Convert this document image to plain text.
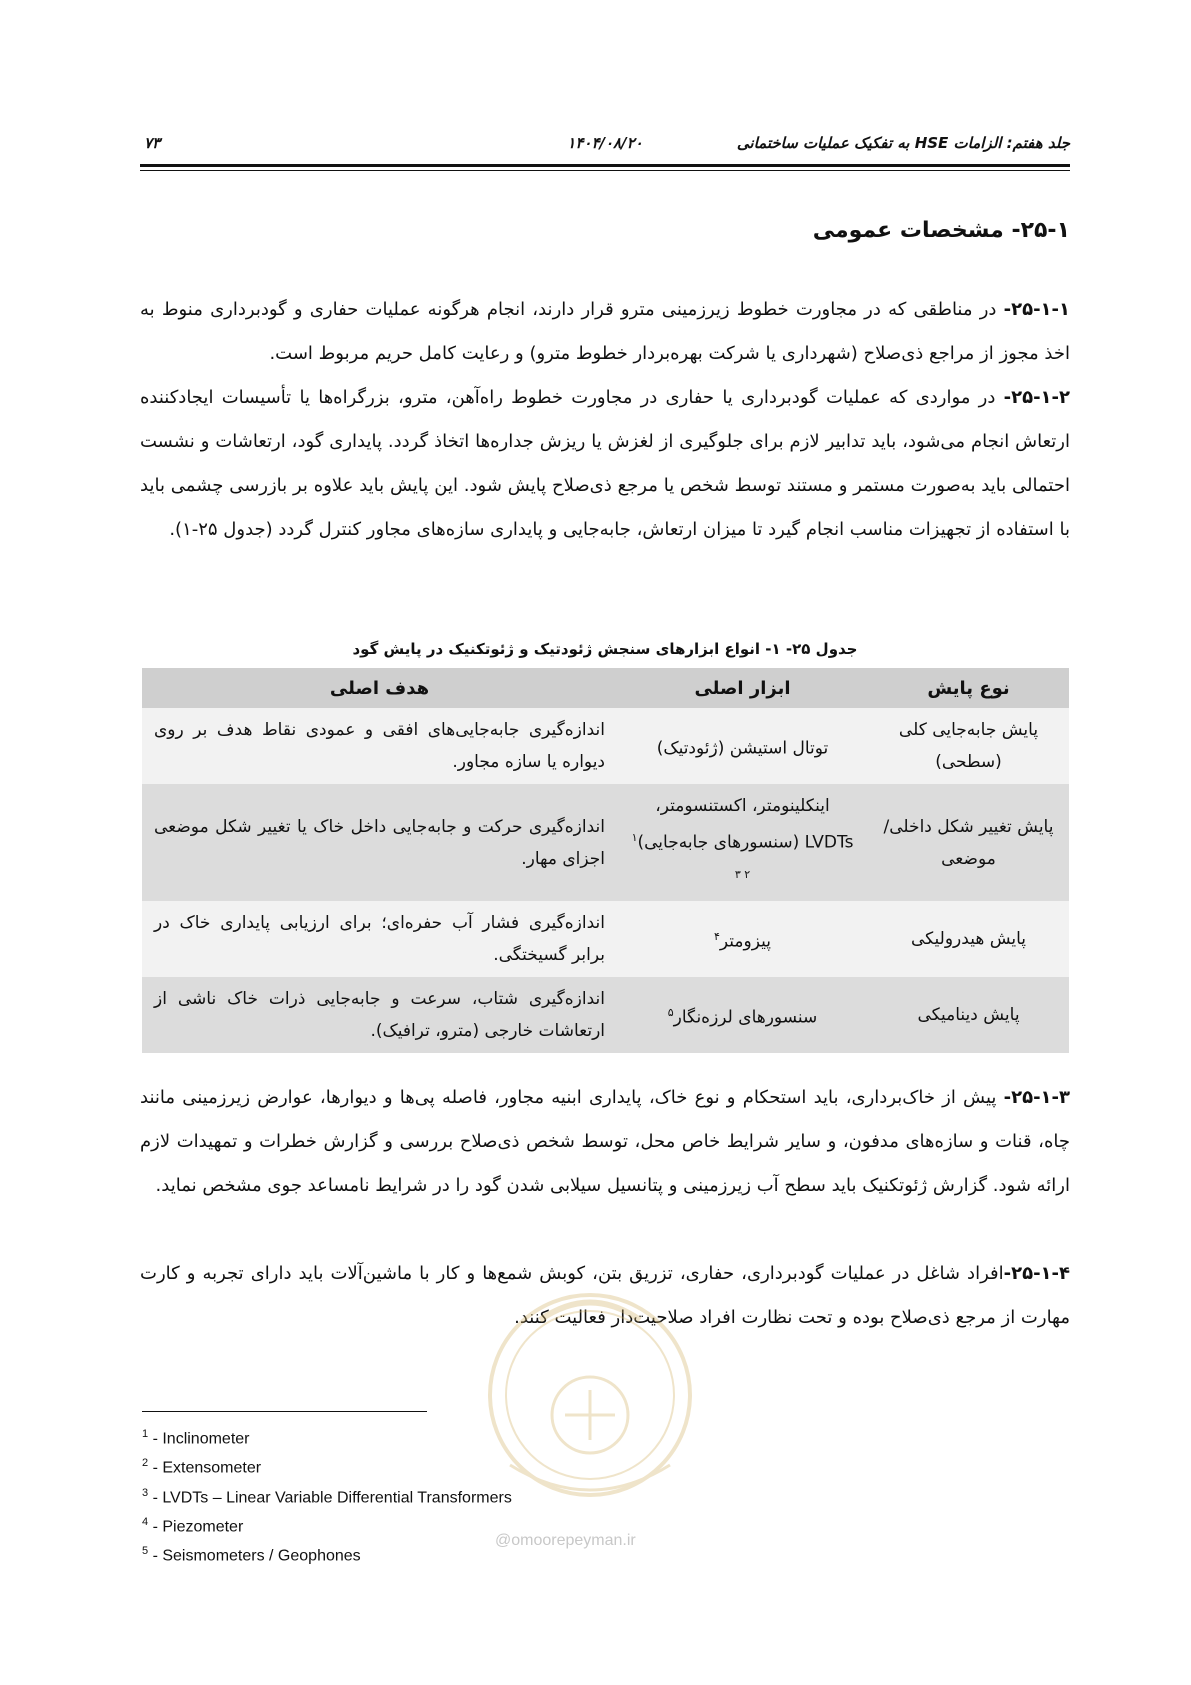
جلد هفتم: الزامات HSE به تفکیک عملیات ساختمانی
۱۴۰۴/۰۸/۲۰
۷۳
۲۵-۱- مشخصات عمومی
۲۵-۱-۱- در مناطقی که در مجاورت خطوط زیرزمینی مترو قرار دارند، انجام هرگونه عملیات حفاری و گودبرداری منوط به اخذ مجوز از مراجع ذی‌صلاح (شهرداری یا شرکت بهره‌بردار خطوط مترو) و رعایت کامل حریم مربوط است.
۲۵-۱-۲- در مواردی که عملیات گودبرداری یا حفاری در مجاورت خطوط راه‌آهن، مترو، بزرگراه‌ها یا تأسیسات ایجادکننده ارتعاش انجام می‌شود، باید تدابیر لازم برای جلوگیری از لغزش یا ریزش جداره‌ها اتخاذ گردد. پایداری گود، ارتعاشات و نشست احتمالی باید به‌صورت مستمر و مستند توسط شخص یا مرجع ذی‌صلاح پایش شود. این پایش باید علاوه بر بازرسی چشمی باید با استفاده از تجهیزات مناسب انجام گیرد تا میزان ارتعاش، جابه‌جایی و پایداری سازه‌های مجاور کنترل گردد (جدول ۲۵-۱).
جدول ۲۵- ۱- انواع ابزارهای سنجش ژئودتیک و ژئوتکنیک در پایش گود
نوع پایش	ابزار اصلی	هدف اصلی
پایش جابه‌جایی کلی (سطحی)	توتال استیشن (ژئودتیک)	اندازه‌گیری جابه‌جایی‌های افقی و عمودی نقاط هدف بر روی دیواره یا سازه مجاور.
پایش تغییر شکل داخلی/موضعی	اینکلینومتر، اکستنسومتر، LVDTs (سنسورهای جابه‌جایی)$^{۱ ۲ ۳}$	اندازه‌گیری حرکت و جابه‌جایی داخل خاک یا تغییر شکل موضعی اجزای مهار.
پایش هیدرولیکی	پیزومتر$^۴$	اندازه‌گیری فشار آب حفره‌ای؛ برای ارزیابی پایداری خاک در برابر گسیختگی.
پایش دینامیکی	سنسورهای لرزه‌نگار$^۵$	اندازه‌گیری شتاب، سرعت و جابه‌جایی ذرات خاک ناشی از ارتعاشات خارجی (مترو، ترافیک).
۲۵-۱-۳- پیش از خاک‌برداری، باید استحکام و نوع خاک، پایداری ابنیه مجاور، فاصله پی‌ها و دیوارها، عوارض زیرزمینی مانند چاه، قنات و سازه‌های مدفون، و سایر شرایط خاص محل، توسط شخص ذی‌صلاح بررسی و گزارش خطرات و تمهیدات لازم ارائه شود. گزارش ژئوتکنیک باید سطح آب زیرزمینی و پتانسیل سیلابی شدن گود را در شرایط نامساعد جوی مشخص نماید.
۲۵-۱-۴-افراد شاغل در عملیات گودبرداری، حفاری، تزریق بتن، کوبش شمع‌ها و کار با ماشین‌آلات باید دارای تجربه و کارت مهارت از مرجع ذی‌صلاح بوده و تحت نظارت افراد صلاحیت‌دار فعالیت کنند.
@omoorepeyman.ir
$^1$ - Inclinometer
$^2$ - Extensometer
$^3$ - LVDTs – Linear Variable Differential Transformers
$^4$ - Piezometer
$^5$ - Seismometers / Geophones
